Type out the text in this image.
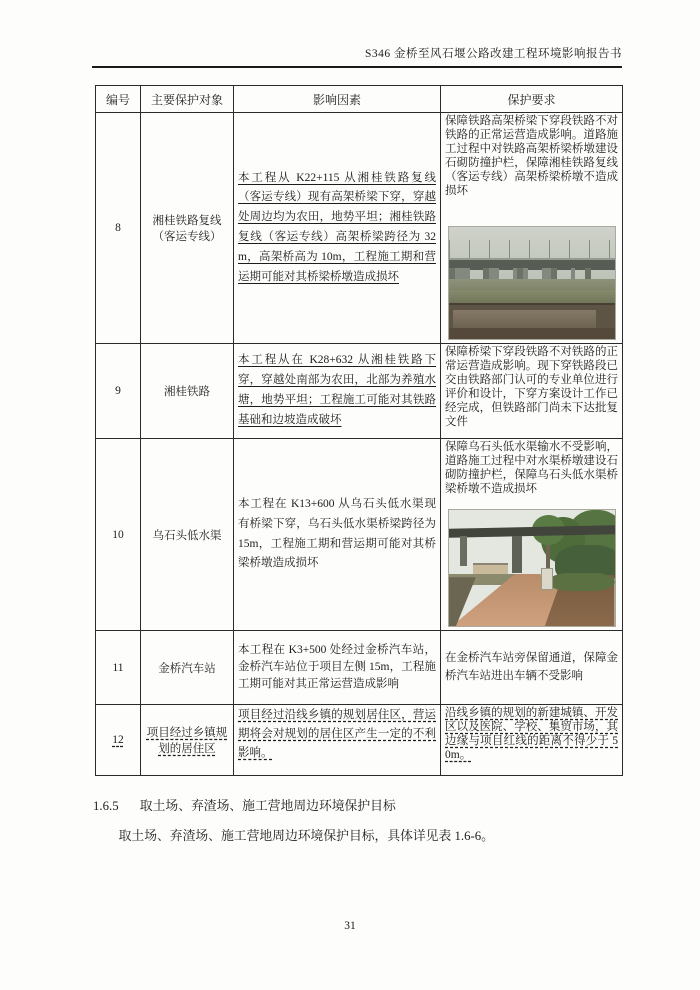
S346 金桥至风石堰公路改建工程环境影响报告书
编号	主要保护对象	影响因素	保护要求
8	湘桂铁路复线（客运专线）	本工程从 K22+115 从湘桂铁路复线（客运专线）现有高架桥梁下穿，穿越处周边均为农田，地势平坦；湘桂铁路复线（客运专线）高架桥梁跨径为 32m，高架桥高为 10m，工程施工期和营运期可能对其桥梁桥墩造成损坏	保障铁路高架桥梁下穿段铁路不对铁路的正常运营造成影响。道路施工过程中对铁路高架桥梁桥墩建设石砌防撞护栏，保障湘桂铁路复线（客运专线）高架桥梁桥墩不造成损坏

9	湘桂铁路	本工程从在 K28+632 从湘桂铁路下穿，穿越处南部为农田，北部为养殖水塘，地势平坦；工程施工可能对其铁路基础和边坡造成破坏	保障桥梁下穿段铁路不对铁路的正常运营造成影响。现下穿铁路段已交由铁路部门认可的专业单位进行评价和设计，下穿方案设计工作已经完成，但铁路部门尚未下达批复文件

10	乌石头低水渠	本工程在 K13+600 从乌石头低水渠现有桥梁下穿，乌石头低水渠桥梁跨径为 15m，工程施工期和营运期可能对其桥梁桥墩造成损坏	保障乌石头低水渠输水不受影响，道路施工过程中对水渠桥墩建设石砌防撞护栏，保障乌石头低水渠桥梁桥墩不造成损坏

11	金桥汽车站	本工程在 K3+500 处经过金桥汽车站，金桥汽车站位于项目左侧 15m，工程施工期可能对其正常运营造成影响	在金桥汽车站旁保留通道，保障金桥汽车站进出车辆不受影响

12	项目经过乡镇规划的居住区	项目经过沿线乡镇的规划居住区，营运期将会对规划的居住区产生一定的不利影响。	沿线乡镇的规划的新建城镇、开发区以及医院、学校、集贸市场，其边缘与项目红线的距离不得少于 50m。
1.6.5 取土场、弃渣场、施工营地周边环境保护目标

取土场、弃渣场、施工营地周边环境保护目标，具体详见表 1.6-6。

31
